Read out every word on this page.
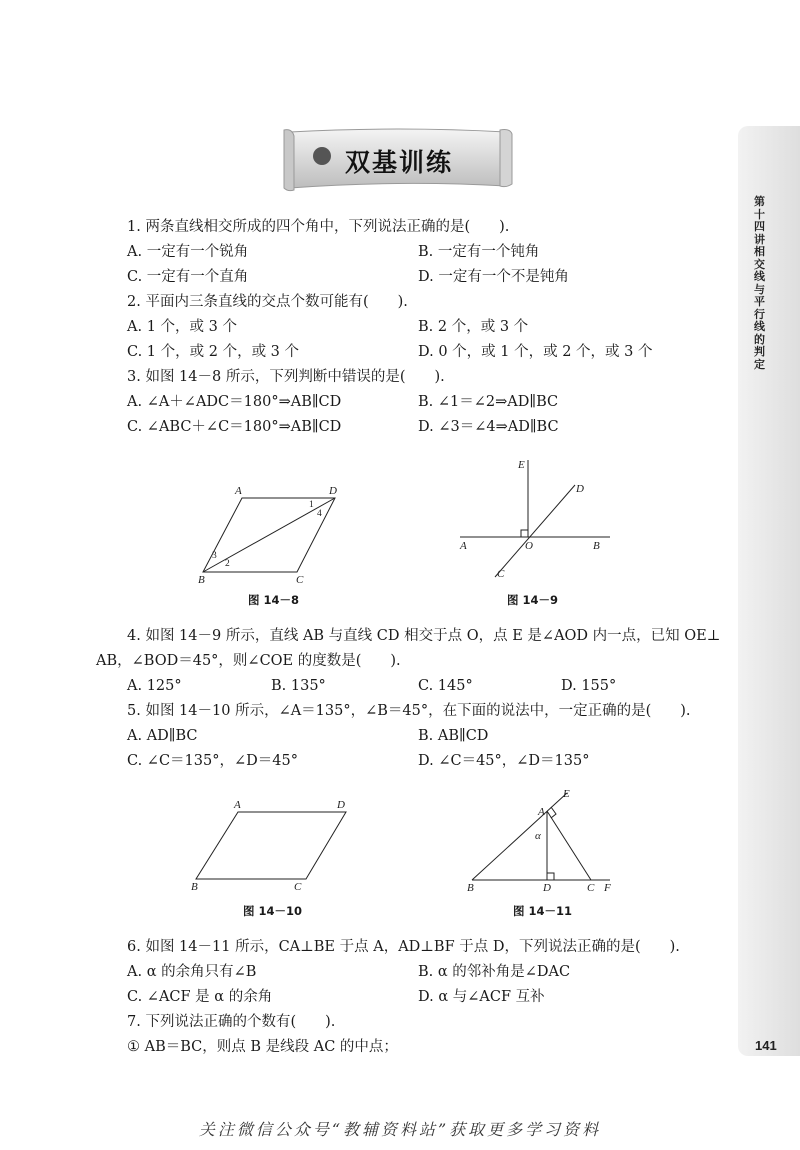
双基训练
第十四讲 相交线与平行线的判定
141
1. 两条直线相交所成的四个角中，下列说法正确的是(　　).
A. 一定有一个锐角	B. 一定有一个钝角
C. 一定有一个直角	D. 一定有一个不是钝角
2. 平面内三条直线的交点个数可能有(　　).
A. 1 个，或 3 个	B. 2 个，或 3 个
C. 1 个，或 2 个，或 3 个	D. 0 个，或 1 个，或 2 个，或 3 个
3. 如图 14－8 所示，下列判断中错误的是(　　).
A. ∠A＋∠ADC＝180°⇒AB∥CD	B. ∠1＝∠2⇒AD∥BC
C. ∠ABC＋∠C＝180°⇒AB∥CD	D. ∠3＝∠4⇒AD∥BC
A	D
B	C
1
2
3
4
图 14－8
E
D
A	O	B
C
图 14－9
4. 如图 14－9 所示，直线 AB 与直线 CD 相交于点 O，点 E 是∠AOD 内一点，已知 OE⊥
AB，∠BOD＝45°，则∠COE 的度数是(　　).
A. 125°	B. 135°	C. 145°	D. 155°
5. 如图 14－10 所示，∠A＝135°，∠B＝45°，在下面的说法中，一定正确的是(　　).
A. AD∥BC	B. AB∥CD
C. ∠C＝135°，∠D＝45°	D. ∠C＝45°，∠D＝135°
A	D
B	C
图 14－10
E
A
α
B	D	C F
图 14－11
6. 如图 14－11 所示，CA⊥BE 于点 A，AD⊥BF 于点 D，下列说法正确的是(　　).
A. α 的余角只有∠B	B. α 的邻补角是∠DAC
C. ∠ACF 是 α 的余角	D. α 与∠ACF 互补
7. 下列说法正确的个数有(　　).
① AB＝BC，则点 B 是线段 AC 的中点；
关注微信公众号“教辅资料站”获取更多学习资料
